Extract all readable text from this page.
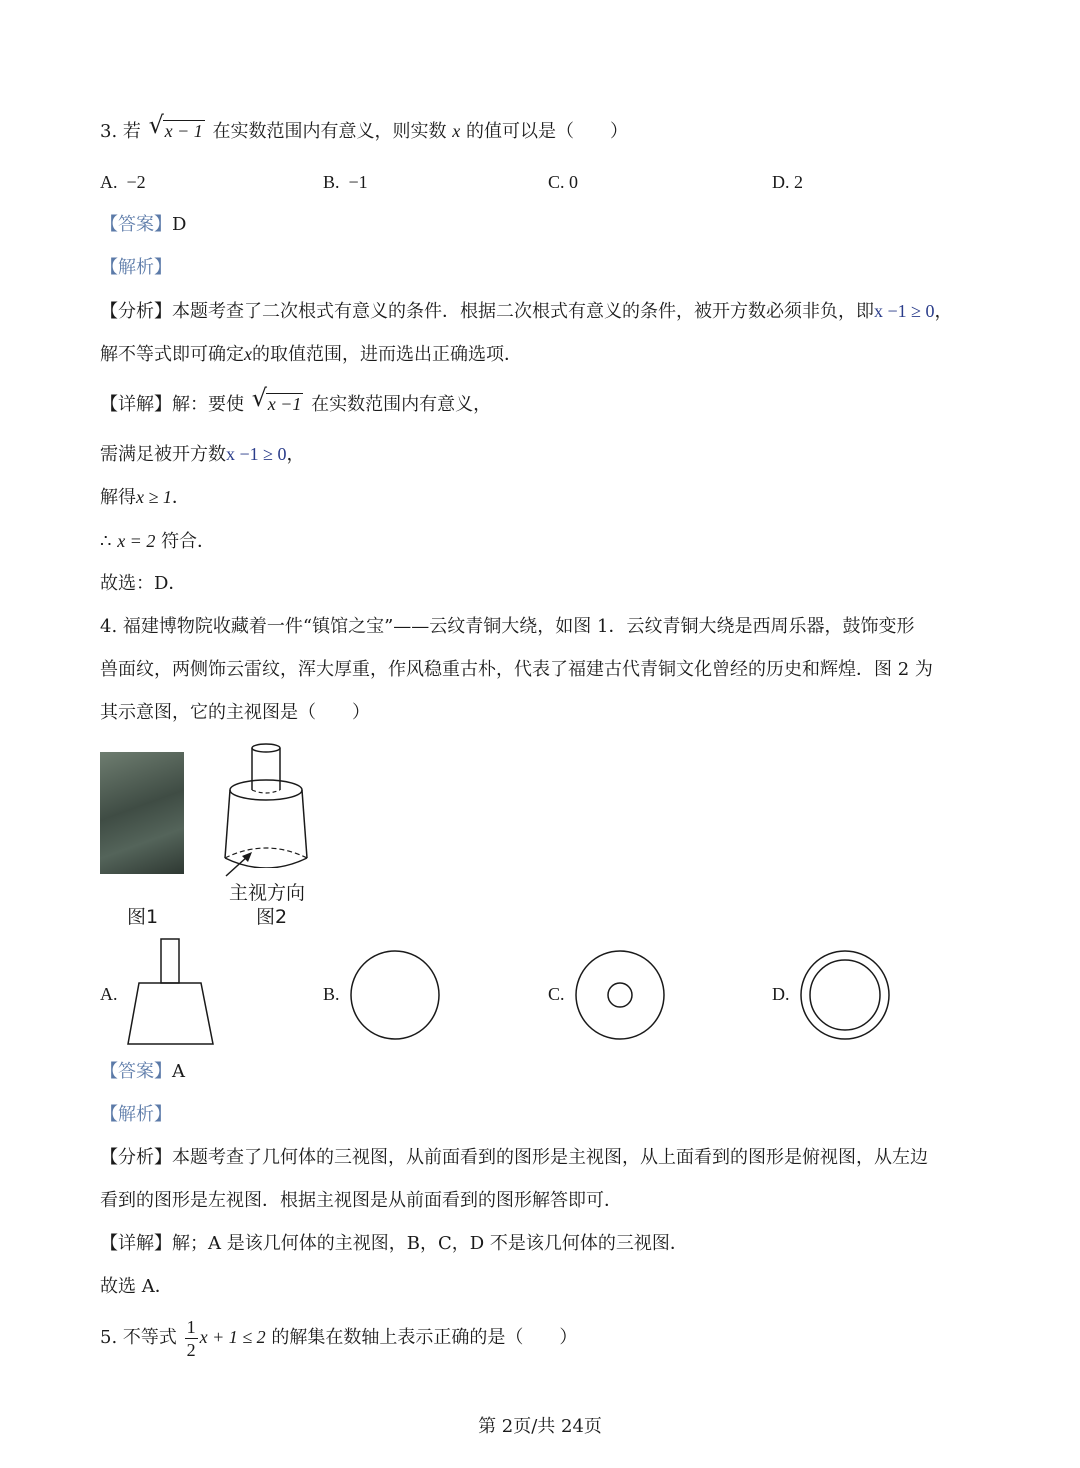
3. 若 √ x − 1 在实数范围内有意义，则实数 x 的值可以是（　　）
A. −2	B. −1	C. 0	D. 2
【答案】D
【解析】
【分析】本题考查了二次根式有意义的条件．根据二次根式有意义的条件，被开方数必须非负，即x −1 ≥ 0，
解不等式即可确定x的取值范围，进而选出正确选项．
【详解】解：要使 √ x −1 在实数范围内有意义，
需满足被开方数x −1 ≥ 0，
解得x ≥ 1．
∴ x = 2 符合．
故选：D．
4. 福建博物院收藏着一件“镇馆之宝”——云纹青铜大绕，如图 1．云纹青铜大绕是西周乐器，鼓饰变形
兽面纹，两侧饰云雷纹，浑大厚重，作风稳重古朴，代表了福建古代青铜文化曾经的历史和辉煌．图 2 为
其示意图，它的主视图是（　　）
图1
主视方向
图2
A.	B.	C.	D.
【答案】A
【解析】
【分析】本题考查了几何体的三视图，从前面看到的图形是主视图，从上面看到的图形是俯视图，从左边
看到的图形是左视图．根据主视图是从前面看到的图形解答即可．
【详解】解；A 是该几何体的主视图，B，C，D 不是该几何体的三视图．
故选 A．
5. 不等式 $\frac{1}{2}$ x + 1 ≤ 2 的解集在数轴上表示正确的是（　　）
第 2页/共 24页
